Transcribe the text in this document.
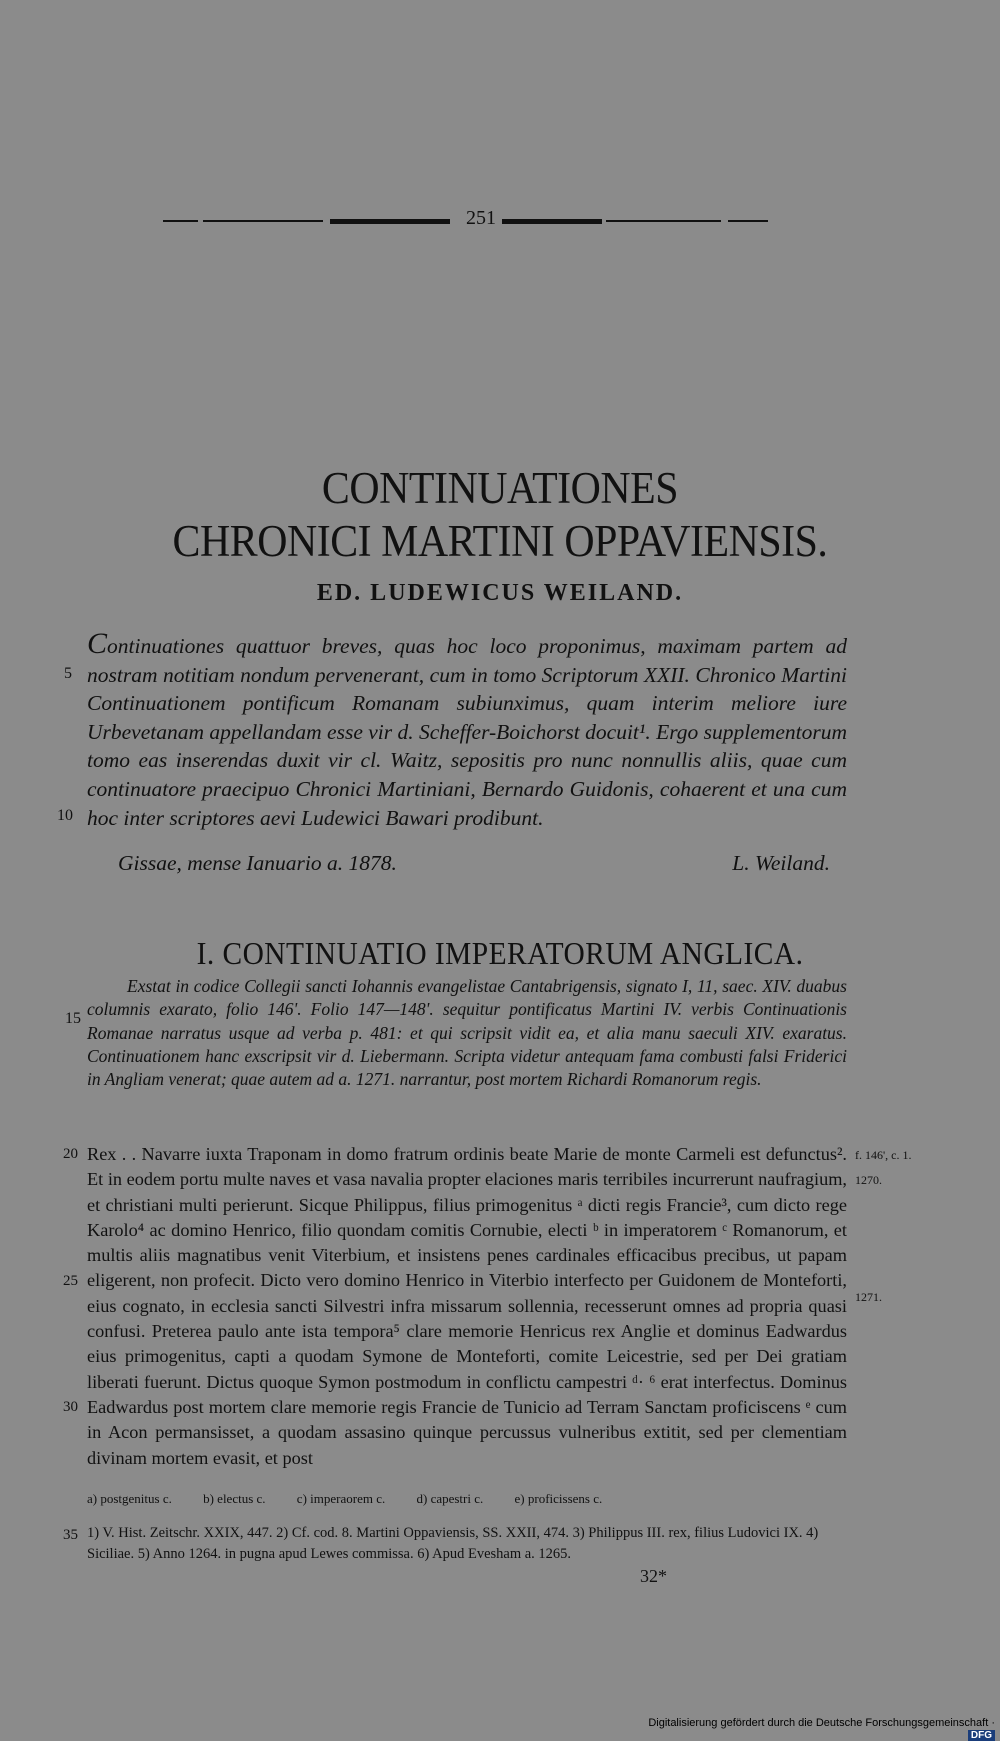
251
CONTINUATIONES
CHRONICI MARTINI OPPAVIENSIS.
ED. LUDEWICUS WEILAND.
Continuationes quattuor breves, quas hoc loco proponimus, maximam partem ad nostram notitiam nondum pervenerant, cum in tomo Scriptorum XXII. Chronico Martini Continuationem pontificum Romanam subiunximus, quam interim meliore iure Urbevetanam appellandam esse vir d. Scheffer-Boichorst docuit¹. Ergo supplementorum tomo eas inserendas duxit vir cl. Waitz, sepositis pro nunc nonnullis aliis, quae cum continuatore praecipuo Chronici Martiniani, Bernardo Guidonis, cohaerent et una cum hoc inter scriptores aevi Ludewici Bawari prodibunt.
5
10
Gissae, mense Ianuario a. 1878.	L. Weiland.
I. CONTINUATIO IMPERATORUM ANGLICA.
Exstat in codice Collegii sancti Iohannis evangelistae Cantabrigensis, signato I, 11, saec. XIV. duabus columnis exarato, folio 146'. Folio 147—148'. sequitur pontificatus Martini IV. verbis Continuationis Romanae narratus usque ad verba p. 481: et qui scripsit vidit ea, et alia manu saeculi XIV. exaratus. Continuationem hanc exscripsit vir d. Liebermann. Scripta videtur antequam fama combusti falsi Friderici in Angliam venerat; quae autem ad a. 1271. narrantur, post mortem Richardi Romanorum regis.
15
Rex . . Navarre iuxta Traponam in domo fratrum ordinis beate Marie de monte Carmeli est defunctus². Et in eodem portu multe naves et vasa navalia propter elaciones maris terribiles incurrerunt naufragium, et christiani multi perierunt. Sicque Philippus, filius primogenitus ᵃ dicti regis Francie³, cum dicto rege Karolo⁴ ac domino Henrico, filio quondam comitis Cornubie, electi ᵇ in imperatorem ᶜ Romanorum, et multis aliis magnatibus venit Viterbium, et insistens penes cardinales efficacibus precibus, ut papam eligerent, non profecit. Dicto vero domino Henrico in Viterbio interfecto per Guidonem de Monteforti, eius cognato, in ecclesia sancti Silvestri infra missarum sollennia, recesserunt omnes ad propria quasi confusi. Preterea paulo ante ista tempora⁵ clare memorie Henricus rex Anglie et dominus Eadwardus eius primogenitus, capti a quodam Symone de Monteforti, comite Leicestrie, sed per Dei gratiam liberati fuerunt. Dictus quoque Symon postmodum in conflictu campestri ᵈ· ⁶ erat interfectus. Dominus Eadwardus post mortem clare memorie regis Francie de Tunicio ad Terram Sanctam proficiscens ᵉ cum in Acon permansisset, a quodam assasino quinque percussus vulneribus extitit, sed per clementiam divinam mortem evasit, et post
20
25
30
f. 146', c. 1.
1270.
1271.
a) postgenitus c. b) electus c. c) imperaorem c. d) capestri c. e) proficissens c.
1) V. Hist. Zeitschr. XXIX, 447. 2) Cf. cod. 8. Martini Oppaviensis, SS. XXII, 474. 3) Philippus III. rex, filius Ludovici IX. 4) Siciliae. 5) Anno 1264. in pugna apud Lewes commissa. 6) Apud Evesham a. 1265.
35
32*
Digitalisierung gefördert durch die Deutsche Forschungsgemeinschaft ·DFG
